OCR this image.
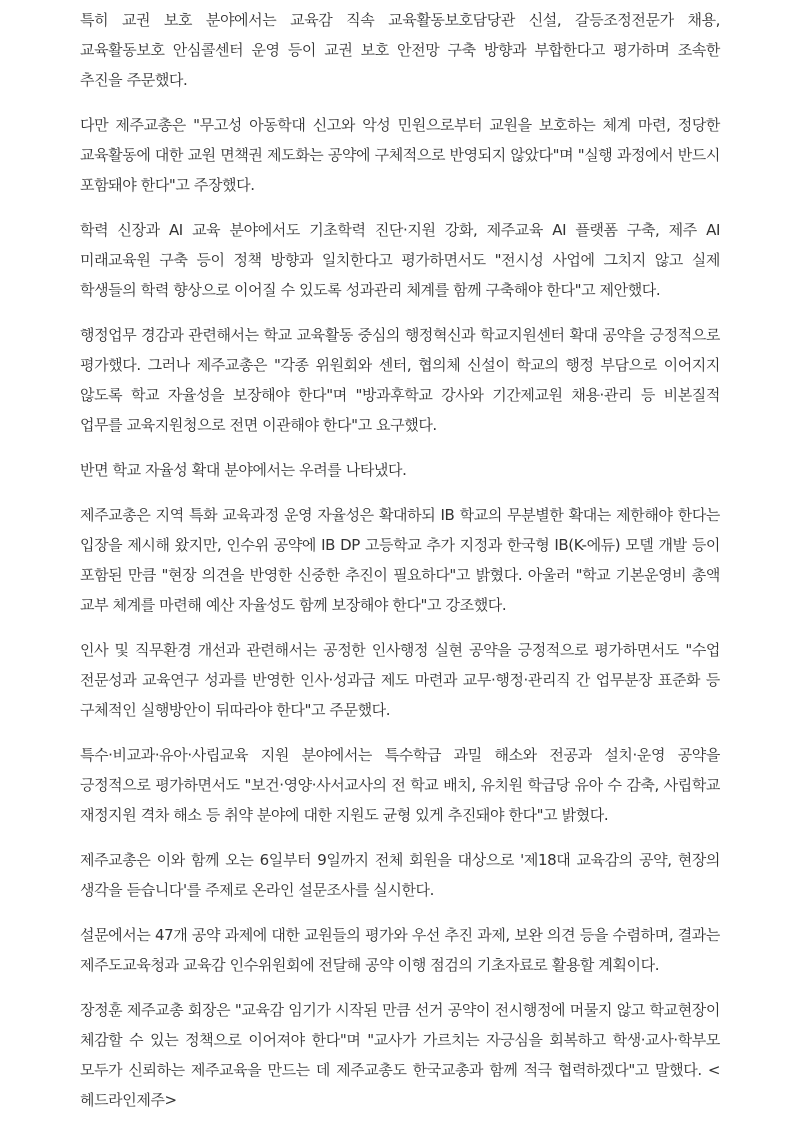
특히 교권 보호 분야에서는 교육감 직속 교육활동보호담당관 신설, 갈등조정전문가 채용, 교육활동보호 안심콜센터 운영 등이 교권 보호 안전망 구축 방향과 부합한다고 평가하며 조속한 추진을 주문했다.

다만 제주교총은 "무고성 아동학대 신고와 악성 민원으로부터 교원을 보호하는 체계 마련, 정당한 교육활동에 대한 교원 면책권 제도화는 공약에 구체적으로 반영되지 않았다"며 "실행 과정에서 반드시 포함돼야 한다"고 주장했다.

학력 신장과 AI 교육 분야에서도 기초학력 진단·지원 강화, 제주교육 AI 플랫폼 구축, 제주 AI 미래교육원 구축 등이 정책 방향과 일치한다고 평가하면서도 "전시성 사업에 그치지 않고 실제 학생들의 학력 향상으로 이어질 수 있도록 성과관리 체계를 함께 구축해야 한다"고 제안했다.

행정업무 경감과 관련해서는 학교 교육활동 중심의 행정혁신과 학교지원센터 확대 공약을 긍정적으로 평가했다. 그러나 제주교총은 "각종 위원회와 센터, 협의체 신설이 학교의 행정 부담으로 이어지지 않도록 학교 자율성을 보장해야 한다"며 "방과후학교 강사와 기간제교원 채용·관리 등 비본질적 업무를 교육지원청으로 전면 이관해야 한다"고 요구했다.

반면 학교 자율성 확대 분야에서는 우려를 나타냈다.

제주교총은 지역 특화 교육과정 운영 자율성은 확대하되 IB 학교의 무분별한 확대는 제한해야 한다는 입장을 제시해 왔지만, 인수위 공약에 IB DP 고등학교 추가 지정과 한국형 IB(K-에듀) 모델 개발 등이 포함된 만큼 "현장 의견을 반영한 신중한 추진이 필요하다"고 밝혔다. 아울러 "학교 기본운영비 총액 교부 체계를 마련해 예산 자율성도 함께 보장해야 한다"고 강조했다.

인사 및 직무환경 개선과 관련해서는 공정한 인사행정 실현 공약을 긍정적으로 평가하면서도 "수업 전문성과 교육연구 성과를 반영한 인사·성과급 제도 마련과 교무·행정·관리직 간 업무분장 표준화 등 구체적인 실행방안이 뒤따라야 한다"고 주문했다.

특수·비교과·유아·사립교육 지원 분야에서는 특수학급 과밀 해소와 전공과 설치·운영 공약을 긍정적으로 평가하면서도 "보건·영양·사서교사의 전 학교 배치, 유치원 학급당 유아 수 감축, 사립학교 재정지원 격차 해소 등 취약 분야에 대한 지원도 균형 있게 추진돼야 한다"고 밝혔다.

제주교총은 이와 함께 오는 6일부터 9일까지 전체 회원을 대상으로 '제18대 교육감의 공약, 현장의 생각을 듣습니다'를 주제로 온라인 설문조사를 실시한다.

설문에서는 47개 공약 과제에 대한 교원들의 평가와 우선 추진 과제, 보완 의견 등을 수렴하며, 결과는 제주도교육청과 교육감 인수위원회에 전달해 공약 이행 점검의 기초자료로 활용할 계획이다.

장정훈 제주교총 회장은 "교육감 임기가 시작된 만큼 선거 공약이 전시행정에 머물지 않고 학교현장이 체감할 수 있는 정책으로 이어져야 한다"며 "교사가 가르치는 자긍심을 회복하고 학생·교사·학부모 모두가 신뢰하는 제주교육을 만드는 데 제주교총도 한국교총과 함께 적극 협력하겠다"고 말했다. <헤드라인제주>
